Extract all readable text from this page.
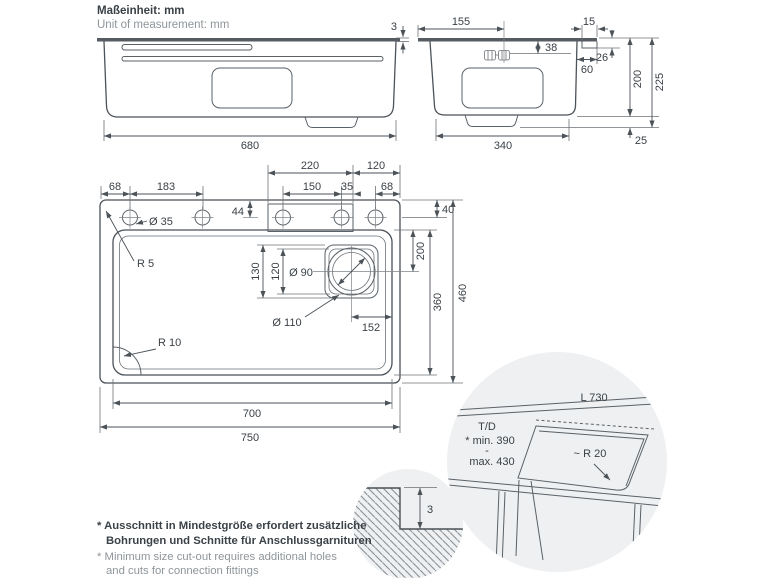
Maßeinheit: mm
Unit of measurement: mm	3
680
155	15
38
26
60	200 225
25
340
220	120
68	183	150 35	68
44
Ø 35
R 5
R 10
130 120 Ø 90
Ø 110	152
700
750
40
200
360 460
3
L 730
T/D
* min. 390
-
max. 430
~ R 20
* Ausschnitt in Mindestgröße erfordert zusätzliche
Bohrungen und Schnitte für Anschlussgarnituren
* Minimum size cut-out requires additional holes
and cuts for connection fittings
